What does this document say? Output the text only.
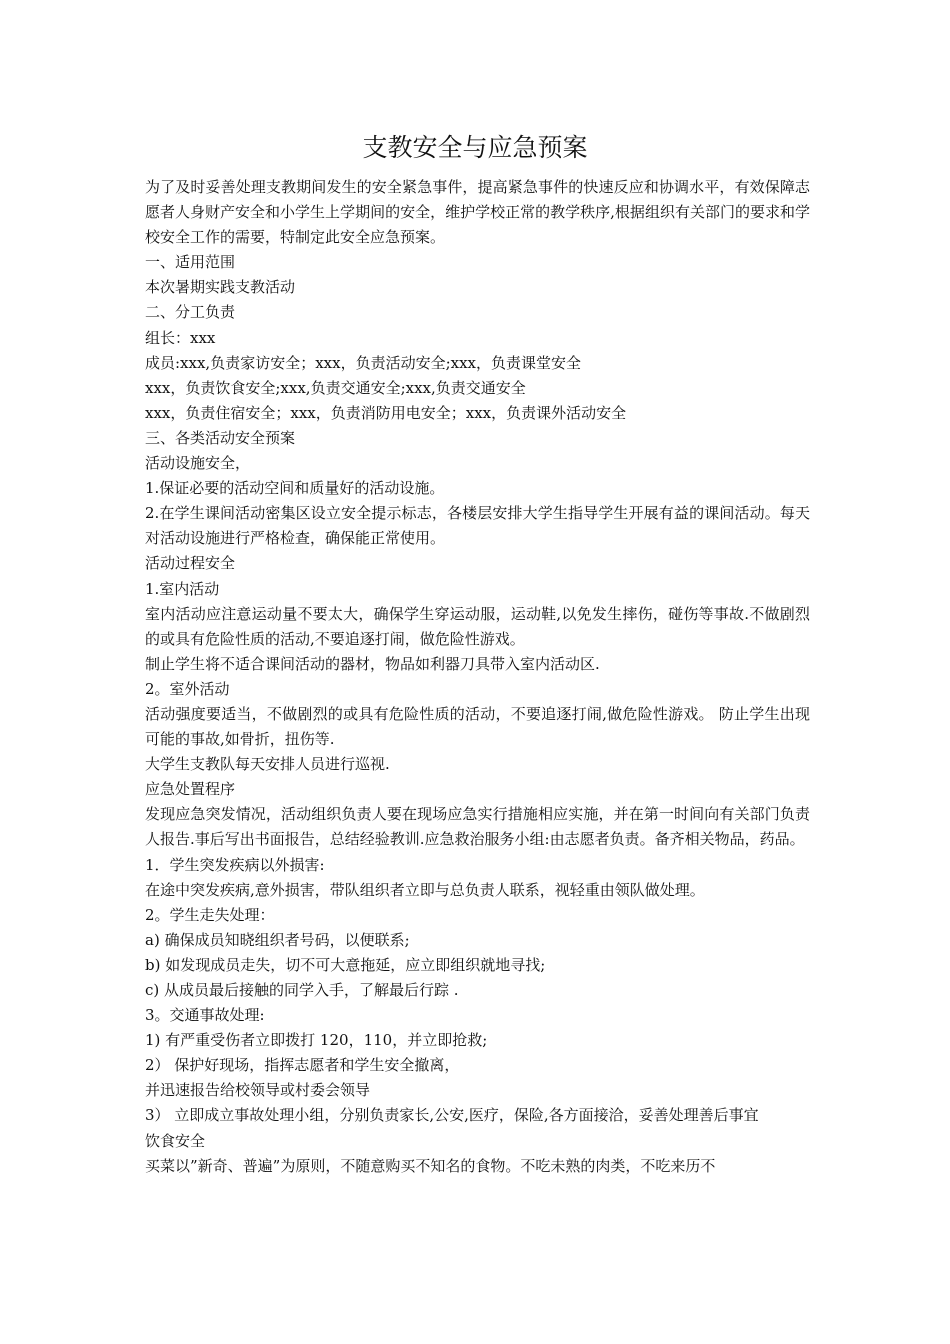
支教安全与应急预案

为了及时妥善处理支教期间发生的安全紧急事件，提高紧急事件的快速反应和协调水平，有效保障志愿者人身财产安全和小学生上学期间的安全，维护学校正常的教学秩序,根据组织有关部门的要求和学校安全工作的需要，特制定此安全应急预案。

一、适用范围

本次暑期实践支教活动

二、分工负责

组长：xxx

成员:xxx,负责家访安全；xxx，负责活动安全;xxx，负责课堂安全

xxx，负责饮食安全;xxx,负责交通安全;xxx,负责交通安全

xxx，负责住宿安全；xxx，负责消防用电安全；xxx，负责课外活动安全

三、各类活动安全预案

活动设施安全，

1.保证必要的活动空间和质量好的活动设施。

2.在学生课间活动密集区设立安全提示标志，各楼层安排大学生指导学生开展有益的课间活动。每天对活动设施进行严格检查，确保能正常使用。

活动过程安全

1.室内活动

室内活动应注意运动量不要太大，确保学生穿运动服，运动鞋,以免发生摔伤，碰伤等事故.不做剧烈的或具有危险性质的活动,不要追逐打闹，做危险性游戏。

制止学生将不适合课间活动的器材，物品如利器刀具带入室内活动区.

2。室外活动

活动强度要适当，不做剧烈的或具有危险性质的活动，不要追逐打闹,做危险性游戏。 防止学生出现可能的事故,如骨折，扭伤等.

大学生支教队每天安排人员进行巡视.

应急处置程序

发现应急突发情况，活动组织负责人要在现场应急实行措施相应实施，并在第一时间向有关部门负责人报告.事后写出书面报告，总结经验教训.应急救治服务小组:由志愿者负责。备齐相关物品，药品。

1．学生突发疾病以外损害:

在途中突发疾病,意外损害，带队组织者立即与总负责人联系，视轻重由领队做处理。

2。学生走失处理：

a) 确保成员知晓组织者号码，以便联系;

b) 如发现成员走失，切不可大意拖延，应立即组织就地寻找;

c) 从成员最后接触的同学入手，了解最后行踪 .

3。交通事故处理:

1) 有严重受伤者立即拨打 120，110，并立即抢救;

2） 保护好现场，指挥志愿者和学生安全撤离，

并迅速报告给校领导或村委会领导

3） 立即成立事故处理小组，分别负责家长,公安,医疗，保险,各方面接洽，妥善处理善后事宜

饮食安全

买菜以”新奇、普遍”为原则，不随意购买不知名的食物。不吃未熟的肉类，不吃来历不
